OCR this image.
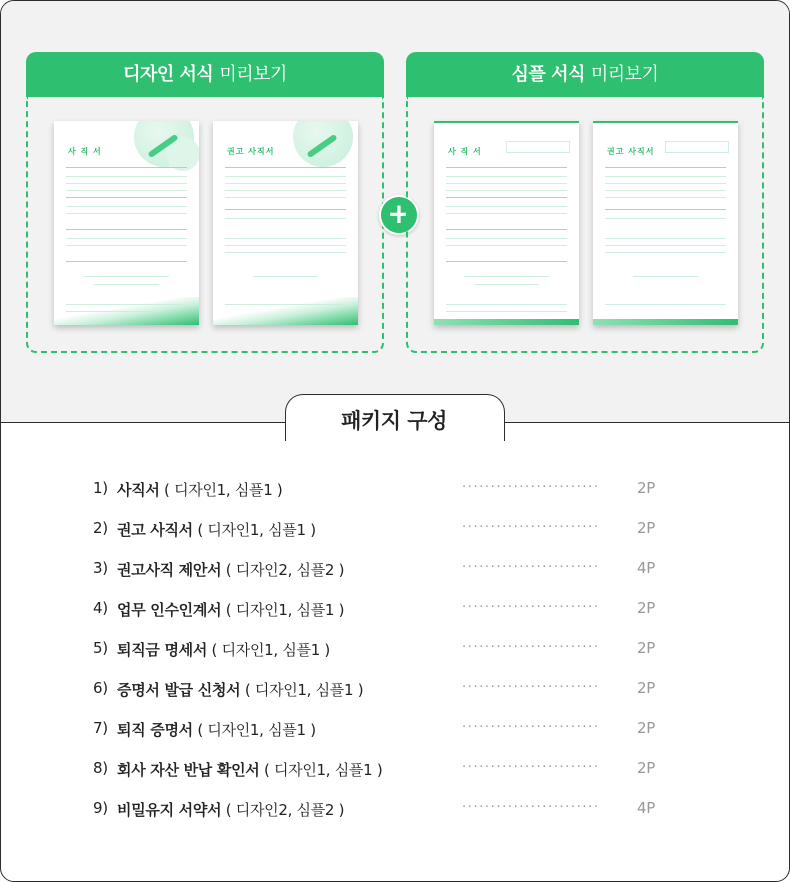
디자인 서식 미리보기
사 직 서	권고 사직서
+
심플 서식 미리보기
사 직 서	권고 사직서
패키지 구성
1) 사직서 ( 디자인1, 심플1 )	........................ 2P
2) 권고 사직서 ( 디자인1, 심플1 )	........................ 2P
3) 권고사직 제안서 ( 디자인2, 심플2 )	........................ 4P
4) 업무 인수인계서 ( 디자인1, 심플1 )	........................ 2P
5) 퇴직금 명세서 ( 디자인1, 심플1 )	........................ 2P
6) 증명서 발급 신청서 ( 디자인1, 심플1 )	........................ 2P
7) 퇴직 증명서 ( 디자인1, 심플1 )	........................ 2P
8) 회사 자산 반납 확인서 ( 디자인1, 심플1 )	........................ 2P
9) 비밀유지 서약서 ( 디자인2, 심플2 )	........................ 4P
